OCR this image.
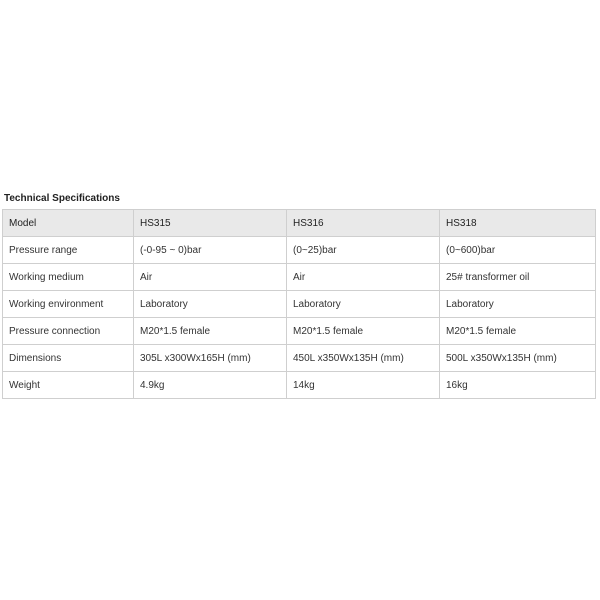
Technical Specifications
Model	HS315	HS316	HS318
Pressure range	(-0-95 ~ 0)bar	(0~25)bar	(0~600)bar
Working medium	Air	Air	25# transformer oil
Working environment	Laboratory	Laboratory	Laboratory
Pressure connection	M20*1.5 female	M20*1.5 female	M20*1.5 female
Dimensions	305L x300Wx165H (mm)	450L x350Wx135H (mm)	500L x350Wx135H (mm)
Weight	4.9kg	14kg	16kg
